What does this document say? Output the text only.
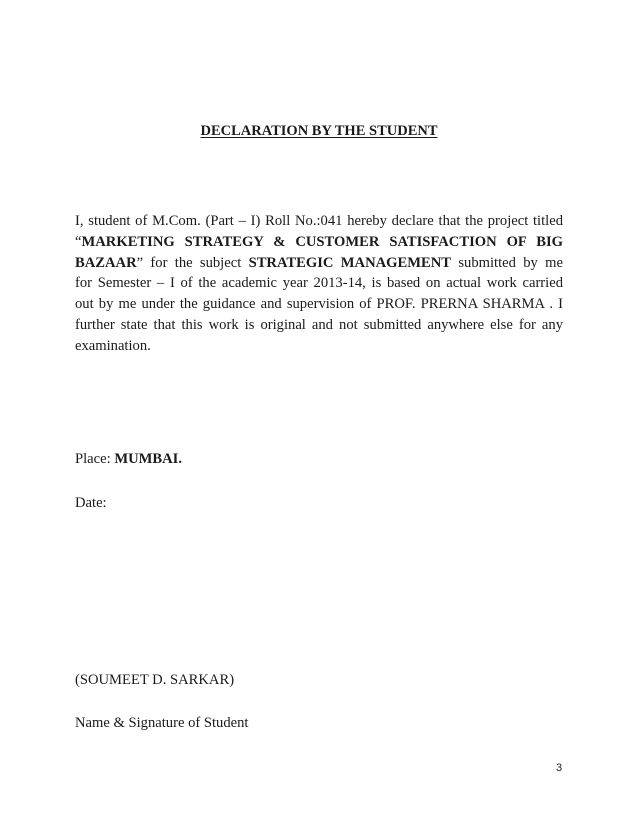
DECLARATION BY THE STUDENT
I, student of M.Com. (Part – I) Roll No.:041 hereby declare that the project titled “MARKETING STRATEGY & CUSTOMER SATISFACTION OF BIG BAZAAR” for the subject STRATEGIC MANAGEMENT submitted by me for Semester – I of the academic year 2013-14, is based on actual work carried out by me under the guidance and supervision of PROF. PRERNA SHARMA . I further state that this work is original and not submitted anywhere else for any examination.
Place: MUMBAI.
Date:
(SOUMEET D. SARKAR)
Name & Signature of Student
3
